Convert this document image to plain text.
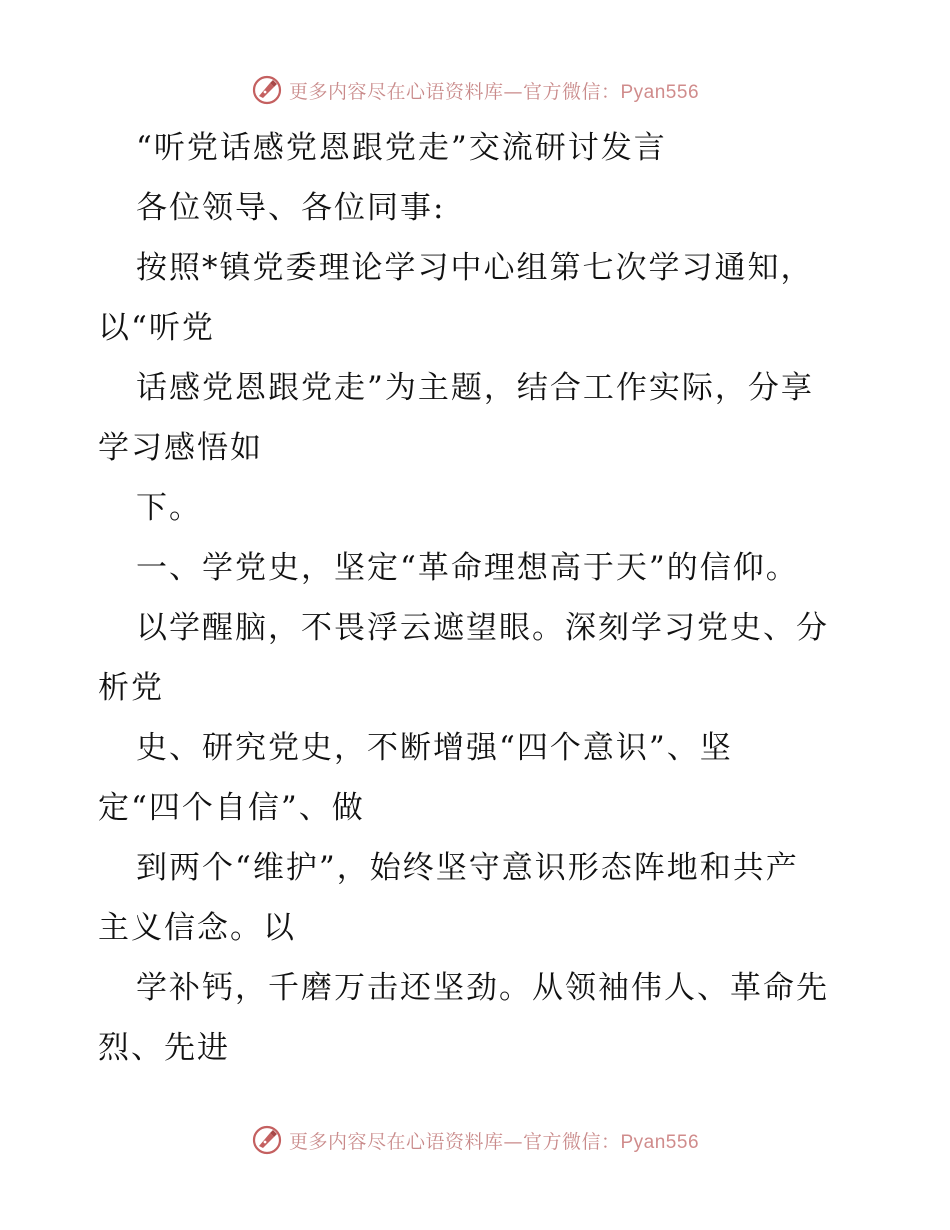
更多内容尽在心语资料库—官方微信：Pyan556
“听党话感党恩跟党走”交流研讨发言
各位领导、各位同事:
按照*镇党委理论学习中心组第七次学习通知，
以“听党
话感党恩跟党走”为主题，结合工作实际，分享
学习感悟如
下。
一、学党史，坚定“革命理想高于天”的信仰。
以学醒脑，不畏浮云遮望眼。深刻学习党史、分
析党
史、研究党史，不断增强“四个意识”、坚
定“四个自信”、做
到两个“维护”，始终坚守意识形态阵地和共产
主义信念。以
学补钙，千磨万击还坚劲。从领袖伟人、革命先
烈、先进
更多内容尽在心语资料库—官方微信：Pyan556
